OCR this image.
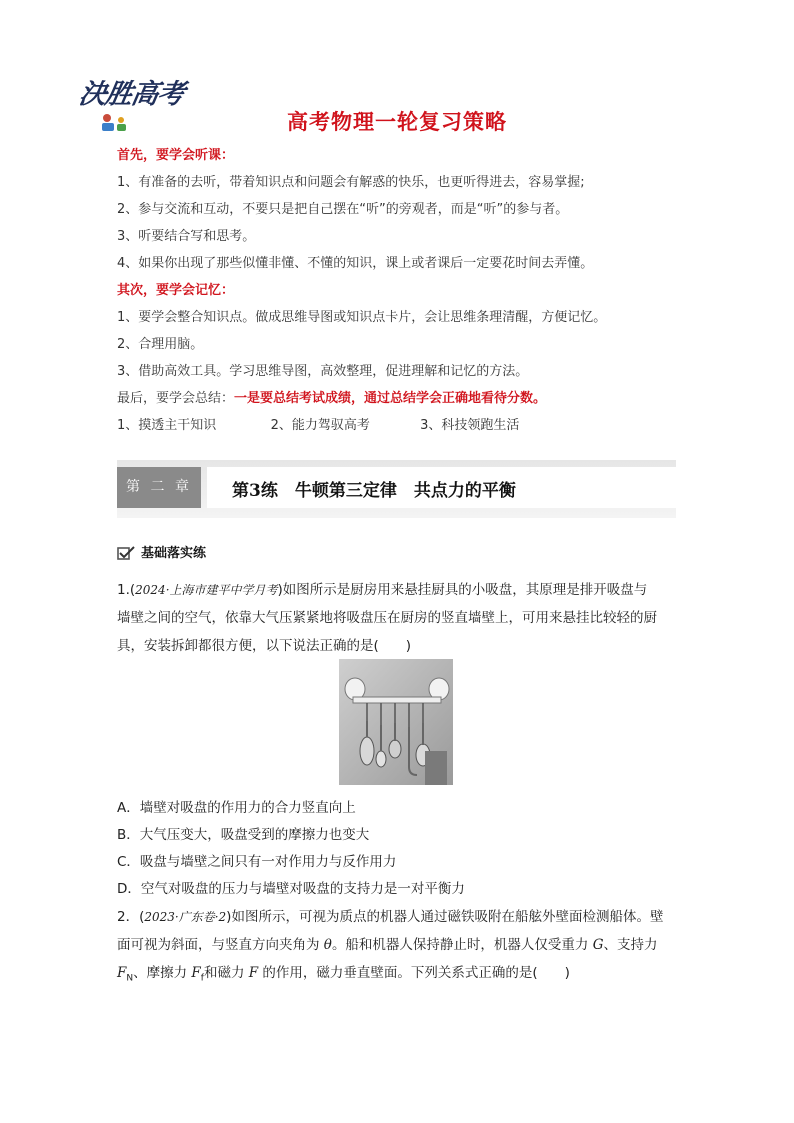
決胜高考
高考物理一轮复习策略
首先，要学会听课：
1、有准备的去听，带着知识点和问题会有解惑的快乐，也更听得进去，容易掌握;
2、参与交流和互动，不要只是把自己摆在“听”的旁观者，而是“听”的参与者。
3、听要结合写和思考。
4、如果你出现了那些似懂非懂、不懂的知识，课上或者课后一定要花时间去弄懂。
其次，要学会记忆：
1、要学会整合知识点。做成思维导图或知识点卡片，会让思维条理清醒，方便记忆。
2、合理用脑。
3、借助高效工具。学习思维导图，高效整理，促进理解和记忆的方法。
最后，要学会总结：一是要总结考试成绩，通过总结学会正确地看待分数。
1、摸透主干知识	2、能力驾驭高考	3、科技领跑生活
第 二 章	第3练　牛顿第三定律　共点力的平衡
基础落实练
1.(2024·上海市建平中学月考)如图所示是厨房用来悬挂厨具的小吸盘，其原理是排开吸盘与
墙壁之间的空气，依靠大气压紧紧地将吸盘压在厨房的竖直墙壁上，可用来悬挂比较轻的厨
具，安装拆卸都很方便，以下说法正确的是(　　)
A．墙壁对吸盘的作用力的合力竖直向上
B．大气压变大，吸盘受到的摩擦力也变大
C．吸盘与墙壁之间只有一对作用力与反作用力
D．空气对吸盘的压力与墙壁对吸盘的支持力是一对平衡力
2．(2023·广东卷·2)如图所示，可视为质点的机器人通过磁铁吸附在船舷外壁面检测船体。壁
面可视为斜面，与竖直方向夹角为 θ。船和机器人保持静止时，机器人仅受重力 G、支持力
$F_N$、摩擦力 $F_f$和磁力 F 的作用，磁力垂直壁面。下列关系式正确的是(　　)
